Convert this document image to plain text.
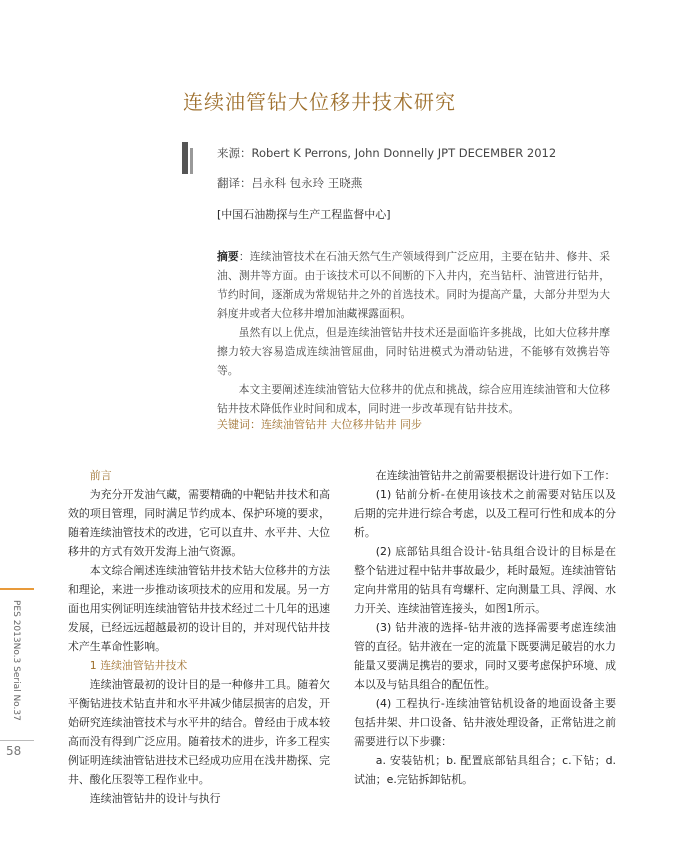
连续油管钻大位移井技术研究
来源：Robert K Perrons, John Donnelly JPT DECEMBER 2012
翻译：吕永科 包永玲 王晓燕
[中国石油勘探与生产工程监督中心]

摘要：连续油管技术在石油天然气生产领域得到广泛应用，主要在钻井、修井、采油、测井等方面。由于该技术可以不间断的下入井内，充当钻杆、油管进行钻井，节约时间，逐渐成为常规钻井之外的首选技术。同时为提高产量，大部分井型为大斜度井或者大位移井增加油藏裸露面积。

虽然有以上优点，但是连续油管钻井技术还是面临许多挑战，比如大位移井摩擦力较大容易造成连续油管屈曲，同时钻进模式为滑动钻进，不能够有效携岩等等。

本文主要阐述连续油管钻大位移井的优点和挑战，综合应用连续油管和大位移钻井技术降低作业时间和成本，同时进一步改革现有钻井技术。

关键词：连续油管钻井 大位移井钻井 同步

前言

为充分开发油气藏，需要精确的中靶钻井技术和高效的项目管理，同时满足节约成本、保护环境的要求，随着连续油管技术的改进，它可以直井、水平井、大位移井的方式有效开发海上油气资源。

本文综合阐述连续油管钻井技术钻大位移井的方法和理论，来进一步推动该项技术的应用和发展。另一方面也用实例证明连续油管钻井技术经过二十几年的迅速发展，已经远远超越最初的设计目的，并对现代钻井技术产生革命性影响。

1 连续油管钻井技术

连续油管最初的设计目的是一种修井工具。随着欠平衡钻进技术钻直井和水平井减少储层损害的启发，开始研究连续油管技术与水平井的结合。曾经由于成本较高而没有得到广泛应用。随着技术的进步，许多工程实例证明连续油管钻进技术已经成功应用在浅井勘探、完井、酸化压裂等工程作业中。

连续油管钻井的设计与执行

在连续油管钻井之前需要根据设计进行如下工作：

(1) 钻前分析-在使用该技术之前需要对钻压以及后期的完井进行综合考虑，以及工程可行性和成本的分析。

(2) 底部钻具组合设计-钻具组合设计的目标是在整个钻进过程中钻井事故最少，耗时最短。连续油管钻定向井常用的钻具有弯螺杆、定向测量工具、浮阀、水力开关、连续油管连接头，如图1所示。

(3) 钻井液的选择-钻井液的选择需要考虑连续油管的直径。钻井液在一定的流量下既要满足破岩的水力能量又要满足携岩的要求，同时又要考虑保护环境、成本以及与钻具组合的配伍性。

(4) 工程执行-连续油管钻机设备的地面设备主要包括井架、井口设备、钻井液处理设备，正常钻进之前需要进行以下步骤：

a. 安装钻机；b. 配置底部钻具组合；c.下钻；d.试油；e.完钻拆卸钻机。

PES 2013No.3 Serial No.37
58
